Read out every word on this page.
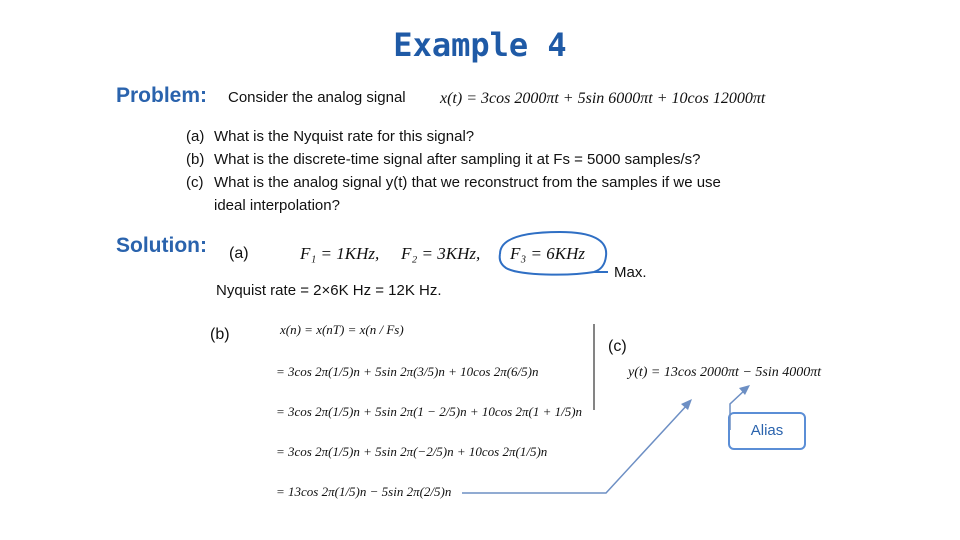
Example 4
Problem: Consider the analog signal x(t) = 3cos 2000πt + 5sin 6000πt + 10cos 12000πt
(a) What is the Nyquist rate for this signal?
(b) What is the discrete-time signal after sampling it at Fs = 5000 samples/s?
(c) What is the analog signal y(t) that we reconstruct from the samples if we use
ideal interpolation?
Solution: (a)	F₁ = 1KHz, F₂ = 3KHz, F₃ = 6KHz
Max.
Nyquist rate = 2×6K Hz = 12K Hz.
(b)	x(n) = x(nT) = x(n / Fs)
= 3cos 2π(1/5)n + 5sin 2π(3/5)n + 10cos 2π(6/5)n
= 3cos 2π(1/5)n + 5sin 2π(1 − 2/5)n + 10cos 2π(1 + 1/5)n
= 3cos 2π(1/5)n + 5sin 2π(−2/5)n + 10cos 2π(1/5)n
= 13cos 2π(1/5)n − 5sin 2π(2/5)n
(c)
y(t) = 13cos 2000πt − 5sin 4000πt
Alias
